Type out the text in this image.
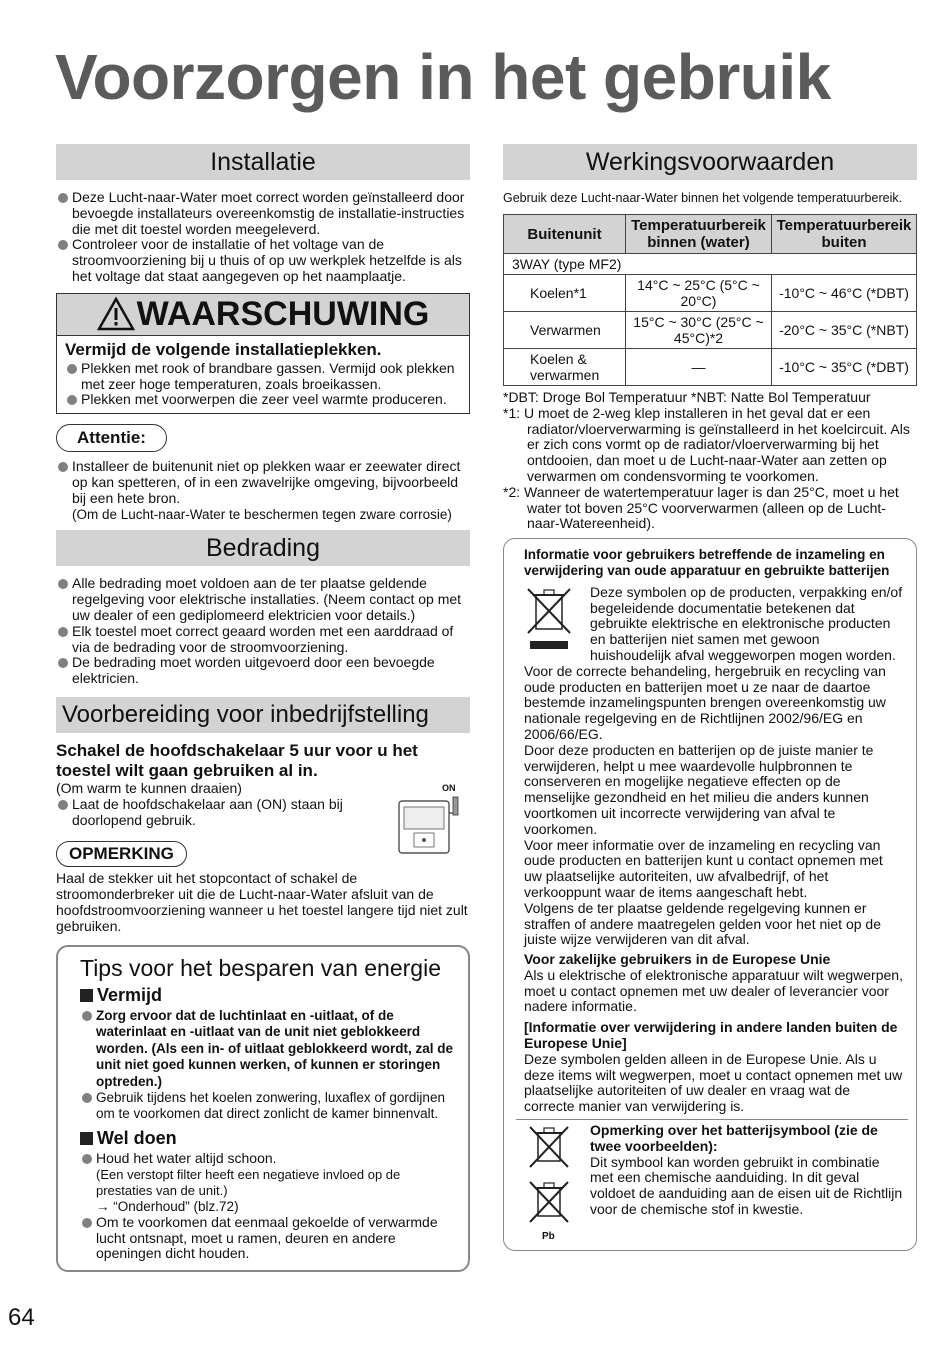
Voorzorgen in het gebruik
Installatie
Deze Lucht-naar-Water moet correct worden geïnstalleerd door bevoegde installateurs overeenkomstig de installatie-instructies die met dit toestel worden meegeleverd.
Controleer voor de installatie of het voltage van de stroomvoorziening bij u thuis of op uw werkplek hetzelfde is als het voltage dat staat aangegeven op het naamplaatje.
WAARSCHUWING
Vermijd de volgende installatieplekken.
Plekken met rook of brandbare gassen. Vermijd ook plekken met zeer hoge temperaturen, zoals broeikassen.
Plekken met voorwerpen die zeer veel warmte produceren.
Attentie:
Installeer de buitenunit niet op plekken waar er zeewater direct op kan spetteren, of in een zwavelrijke omgeving, bijvoorbeeld bij een hete bron.
(Om de Lucht-naar-Water te beschermen tegen zware corrosie)
Bedrading
Alle bedrading moet voldoen aan de ter plaatse geldende regelgeving voor elektrische installaties. (Neem contact op met uw dealer of een gediplomeerd elektricien voor details.)
Elk toestel moet correct geaard worden met een aarddraad of via de bedrading voor de stroomvoorziening.
De bedrading moet worden uitgevoerd door een bevoegde elektricien.
Voorbereiding voor inbedrijfstelling
Schakel de hoofdschakelaar 5 uur voor u het toestel wilt gaan gebruiken al in.
(Om warm te kunnen draaien)
Laat de hoofdschakelaar aan (ON) staan bij doorlopend gebruik.
ON
OPMERKING
Haal de stekker uit het stopcontact of schakel de stroomonderbreker uit die de Lucht-naar-Water afsluit van de hoofdstroomvoorziening wanneer u het toestel langere tijd niet zult gebruiken.
Tips voor het besparen van energie
Vermijd
Zorg ervoor dat de luchtinlaat en -uitlaat, of de waterinlaat en -uitlaat van de unit niet geblokkeerd worden. (Als een in- of uitlaat geblokkeerd wordt, zal de unit niet goed kunnen werken, of kunnen er storingen optreden.)
Gebruik tijdens het koelen zonwering, luxaflex of gordijnen om te voorkomen dat direct zonlicht de kamer binnenvalt.
Wel doen
Houd het water altijd schoon.
(Een verstopt filter heeft een negatieve invloed op de prestaties van de unit.)
→ “Onderhoud” (blz.72)
Om te voorkomen dat eenmaal gekoelde of verwarmde lucht ontsnapt, moet u ramen, deuren en andere openingen dicht houden.
64
Werkingsvoorwaarden
Gebruik deze Lucht-naar-Water binnen het volgende temperatuurbereik.
Buitenunit	Temperatuurbereik binnen (water)	Temperatuurbereik buiten
3WAY (type MF2)		
Koelen*1	14°C ~ 25°C (5°C ~ 20°C)	-10°C ~ 46°C (*DBT)
Verwarmen	15°C ~ 30°C (25°C ~ 45°C)*2	-20°C ~ 35°C (*NBT)
Koelen & verwarmen	—	-10°C ~ 35°C (*DBT)
*DBT: Droge Bol Temperatuur *NBT: Natte Bol Temperatuur
*1: U moet de 2-weg klep installeren in het geval dat er een radiator/vloerverwarming is geïnstalleerd in het koelcircuit. Als er zich cons vormt op de radiator/vloerverwarming bij het ontdooien, dan moet u de Lucht-naar-Water aan zetten op verwarmen om condensvorming te voorkomen.
*2: Wanneer de watertemperatuur lager is dan 25°C, moet u het water tot boven 25°C voorverwarmen (alleen op de Lucht-naar-Watereenheid).

Informatie voor gebruikers betreffende de inzameling en verwijdering van oude apparatuur en gebruikte batterijen

Deze symbolen op de producten, verpakking en/of begeleidende documentatie betekenen dat gebruikte elektrische en elektronische producten en batterijen niet samen met gewoon huishoudelijk afval weggeworpen mogen worden.

Voor de correcte behandeling, hergebruik en recycling van oude producten en batterijen moet u ze naar de daartoe bestemde inzamelingspunten brengen overeenkomstig uw nationale regelgeving en de Richtlijnen 2002/96/EG en 2006/66/EG.

Door deze producten en batterijen op de juiste manier te verwijderen, helpt u mee waardevolle hulpbronnen te conserveren en mogelijke negatieve effecten op de menselijke gezondheid en het milieu die anders kunnen voortkomen uit incorrecte verwijdering van afval te voorkomen.

Voor meer informatie over de inzameling en recycling van oude producten en batterijen kunt u contact opnemen met uw plaatselijke autoriteiten, uw afvalbedrijf, of het verkooppunt waar de items aangeschaft hebt.

Volgens de ter plaatse geldende regelgeving kunnen er straffen of andere maatregelen gelden voor het niet op de juiste wijze verwijderen van dit afval.

Voor zakelijke gebruikers in de Europese Unie

Als u elektrische of elektronische apparatuur wilt wegwerpen, moet u contact opnemen met uw dealer of leverancier voor nadere informatie.

[Informatie over verwijdering in andere landen buiten de Europese Unie]

Deze symbolen gelden alleen in de Europese Unie. Als u deze items wilt wegwerpen, moet u contact opnemen met uw plaatselijke autoriteiten of uw dealer en vraag wat de correcte manier van verwijdering is.

Pb

Opmerking over het batterijsymbool (zie de twee voorbeelden):

Dit symbool kan worden gebruikt in combinatie met een chemische aanduiding. In dit geval voldoet de aanduiding aan de eisen uit de Richtlijn voor de chemische stof in kwestie.
